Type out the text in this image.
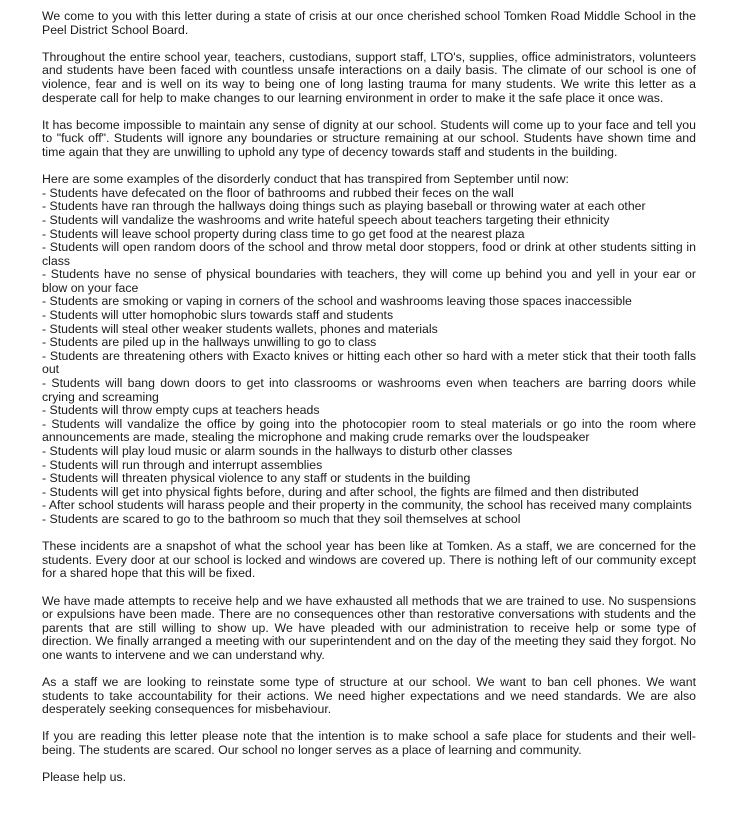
We come to you with this letter during a state of crisis at our once cherished school Tomken Road Middle School in the Peel District School Board.

Throughout the entire school year, teachers, custodians, support staff, LTO's, supplies, office administrators, volunteers and students have been faced with countless unsafe interactions on a daily basis. The climate of our school is one of violence, fear and is well on its way to being one of long lasting trauma for many students. We write this letter as a desperate call for help to make changes to our learning environment in order to make it the safe place it once was.

It has become impossible to maintain any sense of dignity at our school. Students will come up to your face and tell you to "fuck off". Students will ignore any boundaries or structure remaining at our school. Students have shown time and time again that they are unwilling to uphold any type of decency towards staff and students in the building.

Here are some examples of the disorderly conduct that has transpired from September until now:
- Students have defecated on the floor of bathrooms and rubbed their feces on the wall
- Students have ran through the hallways doing things such as playing baseball or throwing water at each other
- Students will vandalize the washrooms and write hateful speech about teachers targeting their ethnicity
- Students will leave school property during class time to go get food at the nearest plaza
- Students will open random doors of the school and throw metal door stoppers, food or drink at other students sitting in class
- Students have no sense of physical boundaries with teachers, they will come up behind you and yell in your ear or blow on your face
- Students are smoking or vaping in corners of the school and washrooms leaving those spaces inaccessible
- Students will utter homophobic slurs towards staff and students
- Students will steal other weaker students wallets, phones and materials
- Students are piled up in the hallways unwilling to go to class
- Students are threatening others with Exacto knives or hitting each other so hard with a meter stick that their tooth falls out
- Students will bang down doors to get into classrooms or washrooms even when teachers are barring doors while crying and screaming
- Students will throw empty cups at teachers heads
- Students will vandalize the office by going into the photocopier room to steal materials or go into the room where announcements are made, stealing the microphone and making crude remarks over the loudspeaker
- Students will play loud music or alarm sounds in the hallways to disturb other classes
- Students will run through and interrupt assemblies
- Students will threaten physical violence to any staff or students in the building
- Students will get into physical fights before, during and after school, the fights are filmed and then distributed
- After school students will harass people and their property in the community, the school has received many complaints
- Students are scared to go to the bathroom so much that they soil themselves at school

These incidents are a snapshot of what the school year has been like at Tomken. As a staff, we are concerned for the students. Every door at our school is locked and windows are covered up. There is nothing left of our community except for a shared hope that this will be fixed.

We have made attempts to receive help and we have exhausted all methods that we are trained to use. No suspensions or expulsions have been made. There are no consequences other than restorative conversations with students and the parents that are still willing to show up. We have pleaded with our administration to receive help or some type of direction. We finally arranged a meeting with our superintendent and on the day of the meeting they said they forgot. No one wants to intervene and we can understand why.

As a staff we are looking to reinstate some type of structure at our school. We want to ban cell phones. We want students to take accountability for their actions. We need higher expectations and we need standards. We are also desperately seeking consequences for misbehaviour.

If you are reading this letter please note that the intention is to make school a safe place for students and their well-being. The students are scared. Our school no longer serves as a place of learning and community.

Please help us.
